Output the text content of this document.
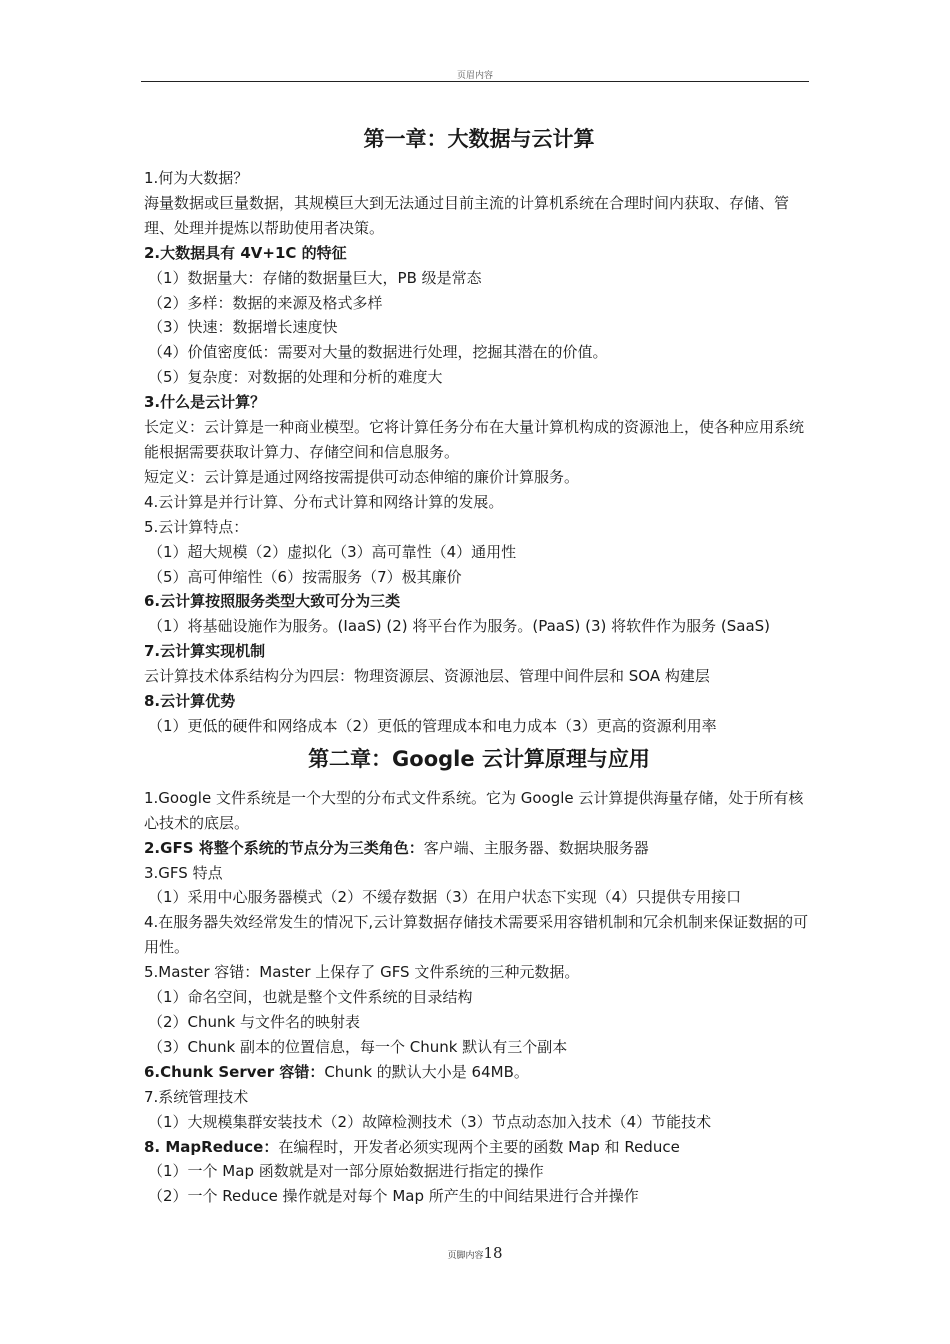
页眉内容
第一章：大数据与云计算
1.何为大数据？
海量数据或巨量数据，其规模巨大到无法通过目前主流的计算机系统在合理时间内获取、存储、管理、处理并提炼以帮助使用者决策。
2.大数据具有 4V+1C 的特征
（1）数据量大：存储的数据量巨大，PB 级是常态
（2）多样：数据的来源及格式多样
（3）快速：数据增长速度快
（4）价值密度低：需要对大量的数据进行处理，挖掘其潜在的价值。
（5）复杂度：对数据的处理和分析的难度大
3.什么是云计算？
长定义：云计算是一种商业模型。它将计算任务分布在大量计算机构成的资源池上，使各种应用系统能根据需要获取计算力、存储空间和信息服务。
短定义：云计算是通过网络按需提供可动态伸缩的廉价计算服务。
4.云计算是并行计算、分布式计算和网络计算的发展。
5.云计算特点：
（1）超大规模（2）虚拟化（3）高可靠性（4）通用性
（5）高可伸缩性（6）按需服务（7）极其廉价
6.云计算按照服务类型大致可分为三类
（1）将基础设施作为服务。(IaaS) (2) 将平台作为服务。(PaaS) (3) 将软件作为服务 (SaaS)
7.云计算实现机制
云计算技术体系结构分为四层：物理资源层、资源池层、管理中间件层和 SOA 构建层
8.云计算优势
（1）更低的硬件和网络成本（2）更低的管理成本和电力成本（3）更高的资源利用率
第二章：Google 云计算原理与应用
1.Google 文件系统是一个大型的分布式文件系统。它为 Google 云计算提供海量存储，处于所有核心技术的底层。
2.GFS 将整个系统的节点分为三类角色：客户端、主服务器、数据块服务器
3.GFS 特点
（1）采用中心服务器模式（2）不缓存数据（3）在用户状态下实现（4）只提供专用接口
4.在服务器失效经常发生的情况下,云计算数据存储技术需要采用容错机制和冗余机制来保证数据的可用性。
5.Master 容错：Master 上保存了 GFS 文件系统的三种元数据。
（1）命名空间，也就是整个文件系统的目录结构
（2）Chunk 与文件名的映射表
（3）Chunk 副本的位置信息，每一个 Chunk 默认有三个副本
6.Chunk Server 容错：Chunk 的默认大小是 64MB。
7.系统管理技术
（1）大规模集群安装技术（2）故障检测技术（3）节点动态加入技术（4）节能技术
8. MapReduce：在编程时，开发者必须实现两个主要的函数 Map 和 Reduce
（1）一个 Map 函数就是对一部分原始数据进行指定的操作
（2）一个 Reduce 操作就是对每个 Map 所产生的中间结果进行合并操作
页脚内容18
